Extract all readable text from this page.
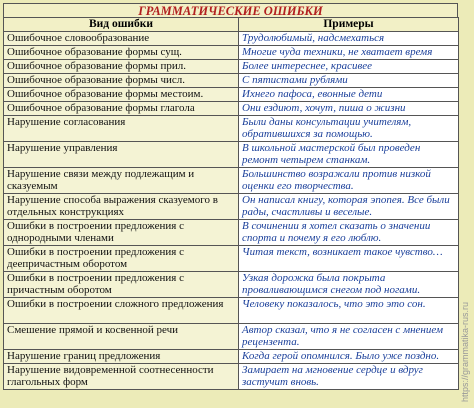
ГРАММАТИЧЕСКИЕ ОШИБКИ
Вид ошибки	Примеры
Ошибочное словообразование	Трудолюбимый, надсмехаться
Ошибочное образование формы сущ.	Многие чуда техники, не хватает время
Ошибочное образование формы прил.	Более интереснее, красивее
Ошибочное образование формы числ.	С пятистами рублями
Ошибочное образование формы местоим.	Ихнего пафоса, евонные дети
Ошибочное образование формы глагола	Они ездиют, хочут, пиша о жизни
Нарушение согласования	Были даны консультации учителям, обратившихся за помощью.
Нарушение управления	В школьной мастерской был проведен ремонт четырем станкам.
Нарушение связи между подлежащим и сказуемым	Большинство возражали против низкой оценки его творчества.
Нарушение способа выражения сказуемого в отдельных конструкциях	Он написал книгу, которая эпопея. Все были рады, счастливы и веселые.
Ошибки в построении предложения с однородными членами	В сочинении я хотел сказать о значении спорта и почему я его люблю.
Ошибки в построении предложения с деепричастным оборотом	Читая текст, возникает такое чувство…
Ошибки в построении предложения с причастным оборотом	Узкая дорожка была покрыта проваливающимся снегом под ногами.
Ошибки в построении сложного предложения	Человеку показалось, что это это сон.
Смешение прямой и косвенной речи	Автор сказал, что я не согласен с мнением рецензента.
Нарушение границ предложения	Когда герой опомнился. Было уже поздно.
Нарушение видовременной соотнесенности глагольных форм	Замирает на мгновение сердце и вдруг застучит вновь.	https://grammatika-rus.ru
